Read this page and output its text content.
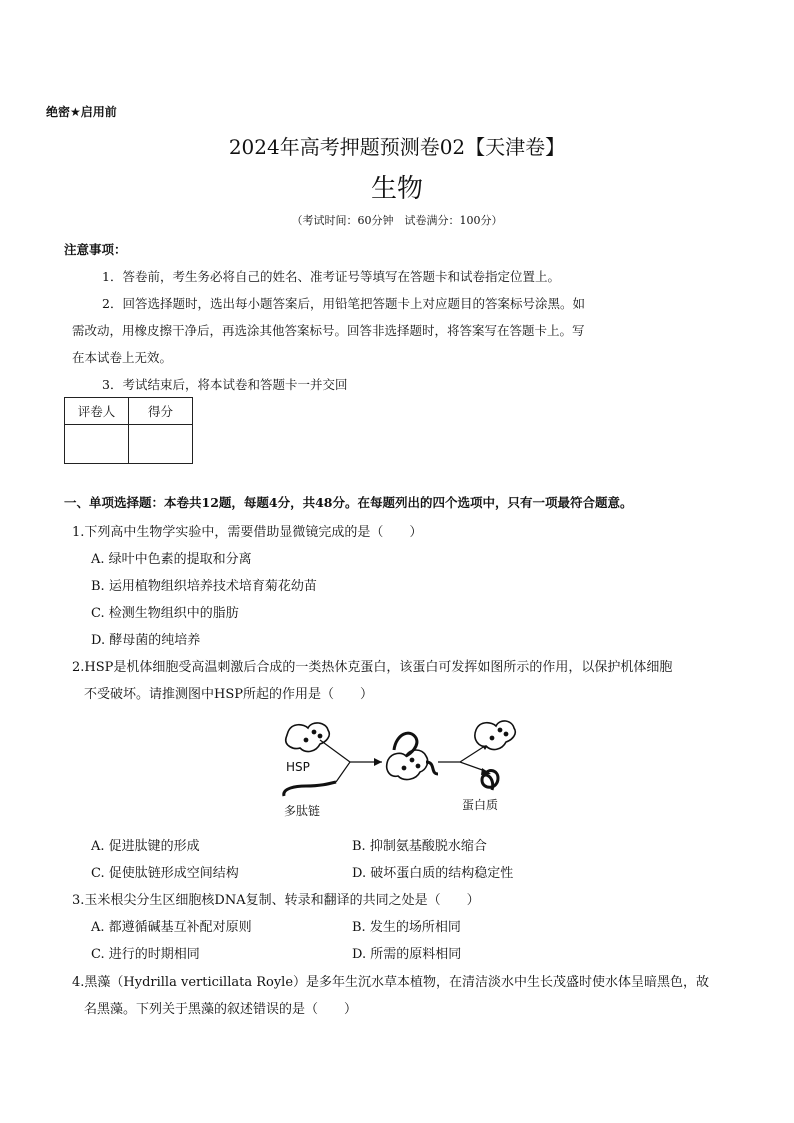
绝密★启用前
2024年高考押题预测卷02【天津卷】
生物
（考试时间：60分钟　试卷满分：100分）
注意事项：
1．答卷前，考生务必将自己的姓名、准考证号等填写在答题卡和试卷指定位置上。
2．回答选择题时，选出每小题答案后，用铅笔把答题卡上对应题目的答案标号涂黑。如
需改动，用橡皮擦干净后，再选涂其他答案标号。回答非选择题时，将答案写在答题卡上。写
在本试卷上无效。
3．考试结束后，将本试卷和答题卡一并交回
评卷人	得分

一、单项选择题：本卷共12题，每题4分，共48分。在每题列出的四个选项中，只有一项最符合题意。
1.下列高中生物学实验中，需要借助显微镜完成的是（　　）
A. 绿叶中色素的提取和分离
B. 运用植物组织培养技术培育菊花幼苗
C. 检测生物组织中的脂肪
D. 酵母菌的纯培养
2.HSP是机体细胞受高温刺激后合成的一类热休克蛋白，该蛋白可发挥如图所示的作用，以保护机体细胞
不受破坏。请推测图中HSP所起的作用是（　　）
HSP
多肽链	蛋白质
A. 促进肽键的形成	B. 抑制氨基酸脱水缩合
C. 促使肽链形成空间结构	D. 破坏蛋白质的结构稳定性
3.玉米根尖分生区细胞核DNA复制、转录和翻译的共同之处是（　　）
A. 都遵循碱基互补配对原则	B. 发生的场所相同
C. 进行的时期相同	D. 所需的原料相同
4.黑藻（Hydrilla verticillata Royle）是多年生沉水草本植物，在清洁淡水中生长茂盛时使水体呈暗黑色，故
名黑藻。下列关于黑藻的叙述错误的是（　　）
